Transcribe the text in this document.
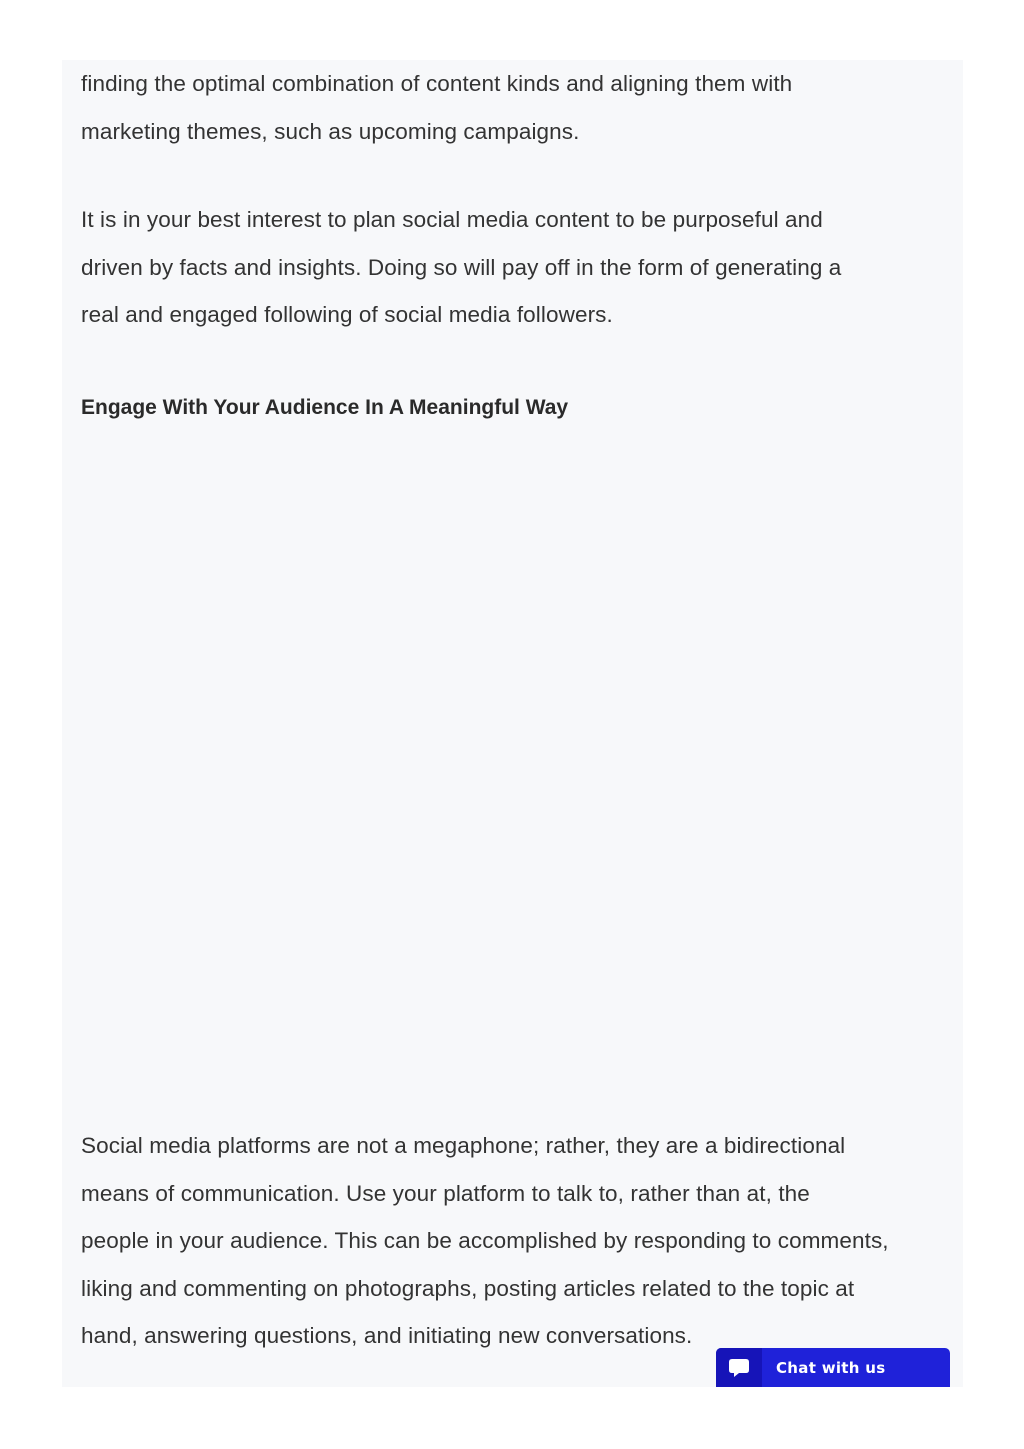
finding the optimal combination of content kinds and aligning them with
marketing themes, such as upcoming campaigns.

It is in your best interest to plan social media content to be purposeful and
driven by facts and insights. Doing so will pay off in the form of generating a
real and engaged following of social media followers.

Engage With Your Audience In A Meaningful Way

Social media platforms are not a megaphone; rather, they are a bidirectional
means of communication. Use your platform to talk to, rather than at, the
people in your audience. This can be accomplished by responding to comments,
liking and commenting on photographs, posting articles related to the topic at
hand, answering questions, and initiating new conversations.

Chat with us
